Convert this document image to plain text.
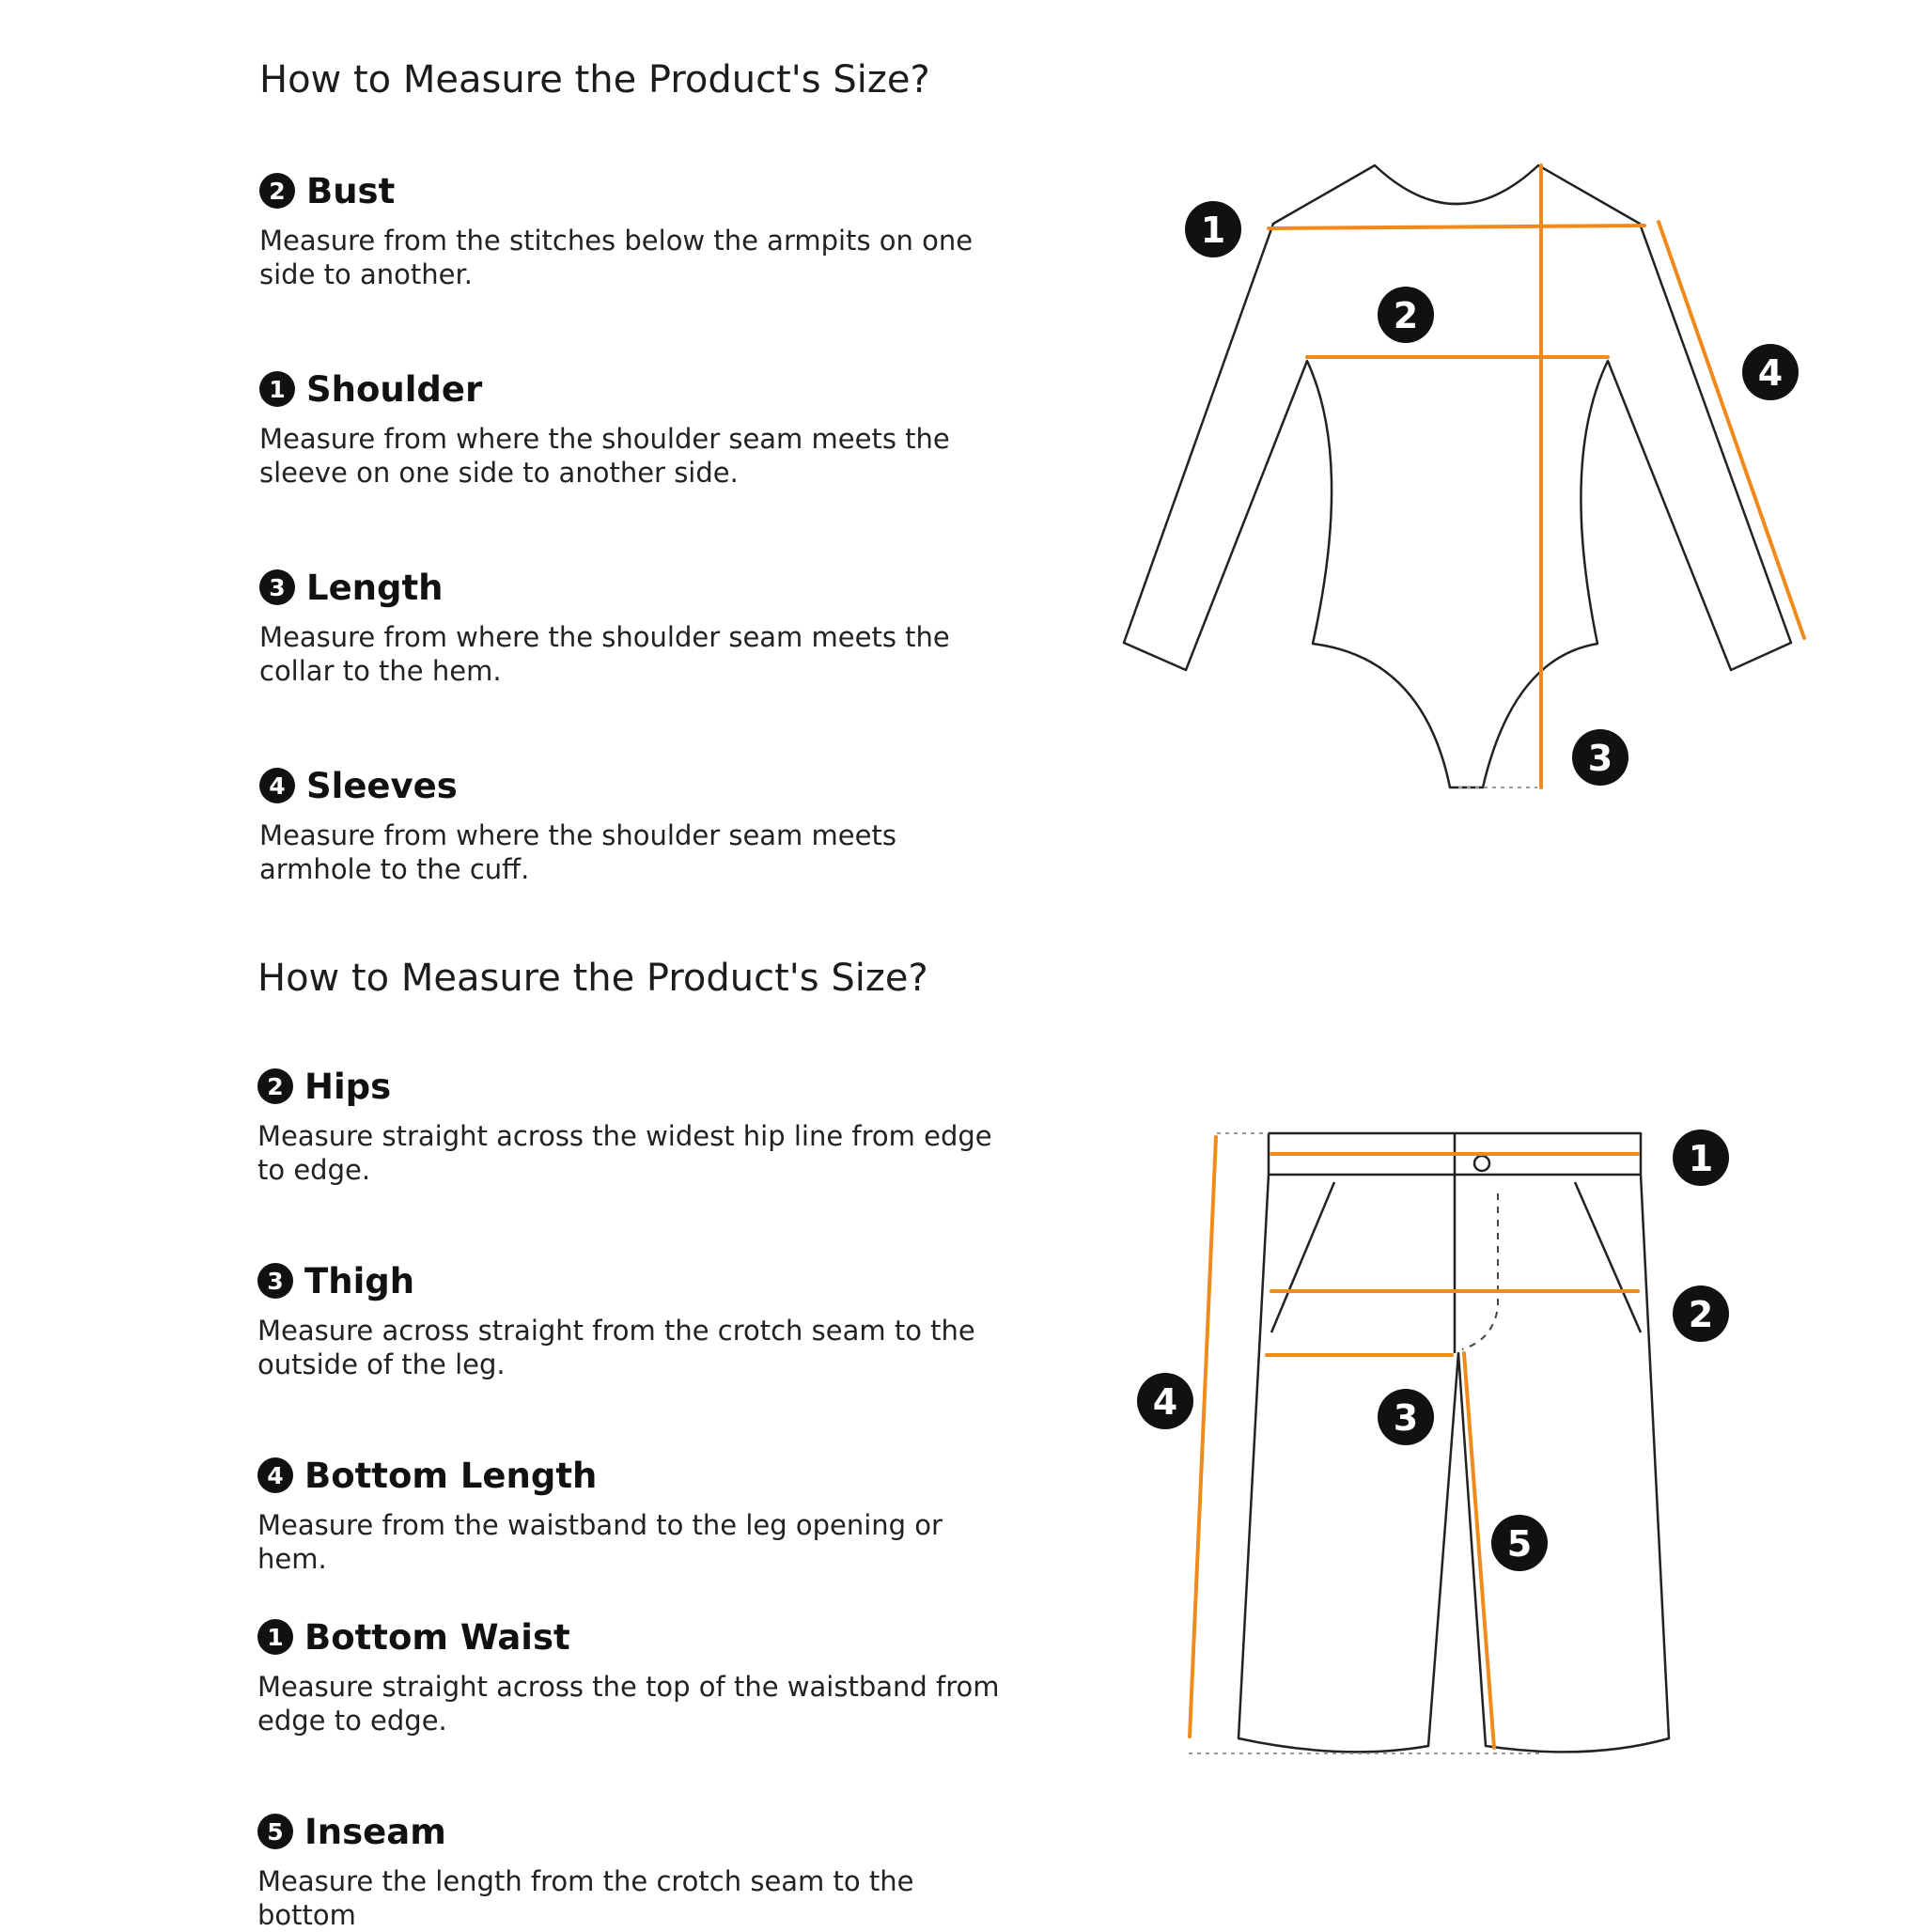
How to Measure the Product's Size?
2 Bust

Measure from the stitches below the armpits on one side to another.

1 Shoulder

Measure from where the shoulder seam meets the sleeve on one side to another side.

3 Length

Measure from where the shoulder seam meets the collar to the hem.

4 Sleeves

Measure from where the shoulder seam meets armhole to the cuff.

How to Measure the Product's Size?
2 Hips

Measure straight across the widest hip line from edge to edge.

3 Thigh

Measure across straight from the crotch seam to the outside of the leg.

4 Bottom Length

Measure from the waistband to the leg opening or hem.

1 Bottom Waist

Measure straight across the top of the waistband from edge to edge.

5 Inseam

Measure the length from the crotch seam to the bottom

1
2
3
4
1
2
3
4
5
